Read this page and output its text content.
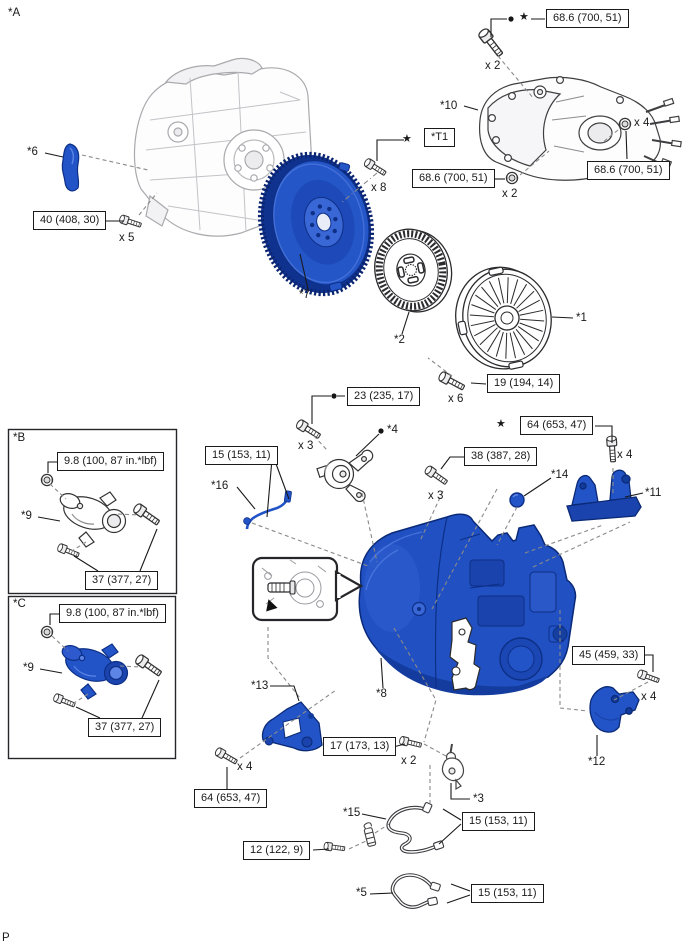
40 (408, 30)
68.6 (700, 51)
*T1
68.6 (700, 51)
68.6 (700, 51)
19 (194, 14)
23 (235, 17)
15 (153, 11)	38 (387, 28)
64 (653, 47)
9.8 (100, 87 in.*lbf)
37 (377, 27)
9.8 (100, 87 in.*lbf)
37 (377, 27)
45 (459, 33)
17 (173, 13)
64 (653, 47)
15 (153, 11)
12 (122, 9)
15 (153, 11)
*A
*B
*C
P
*6
*10
*7
*2
*1
*4
*16
*14
*11
*9
*9
*8
*13
*12
*3
*15
*5
x 5
x 2
x 4
x 8	x 2
x 6
x 3
x 3
x 4
x 4
x 2
x 4
★
★
★
